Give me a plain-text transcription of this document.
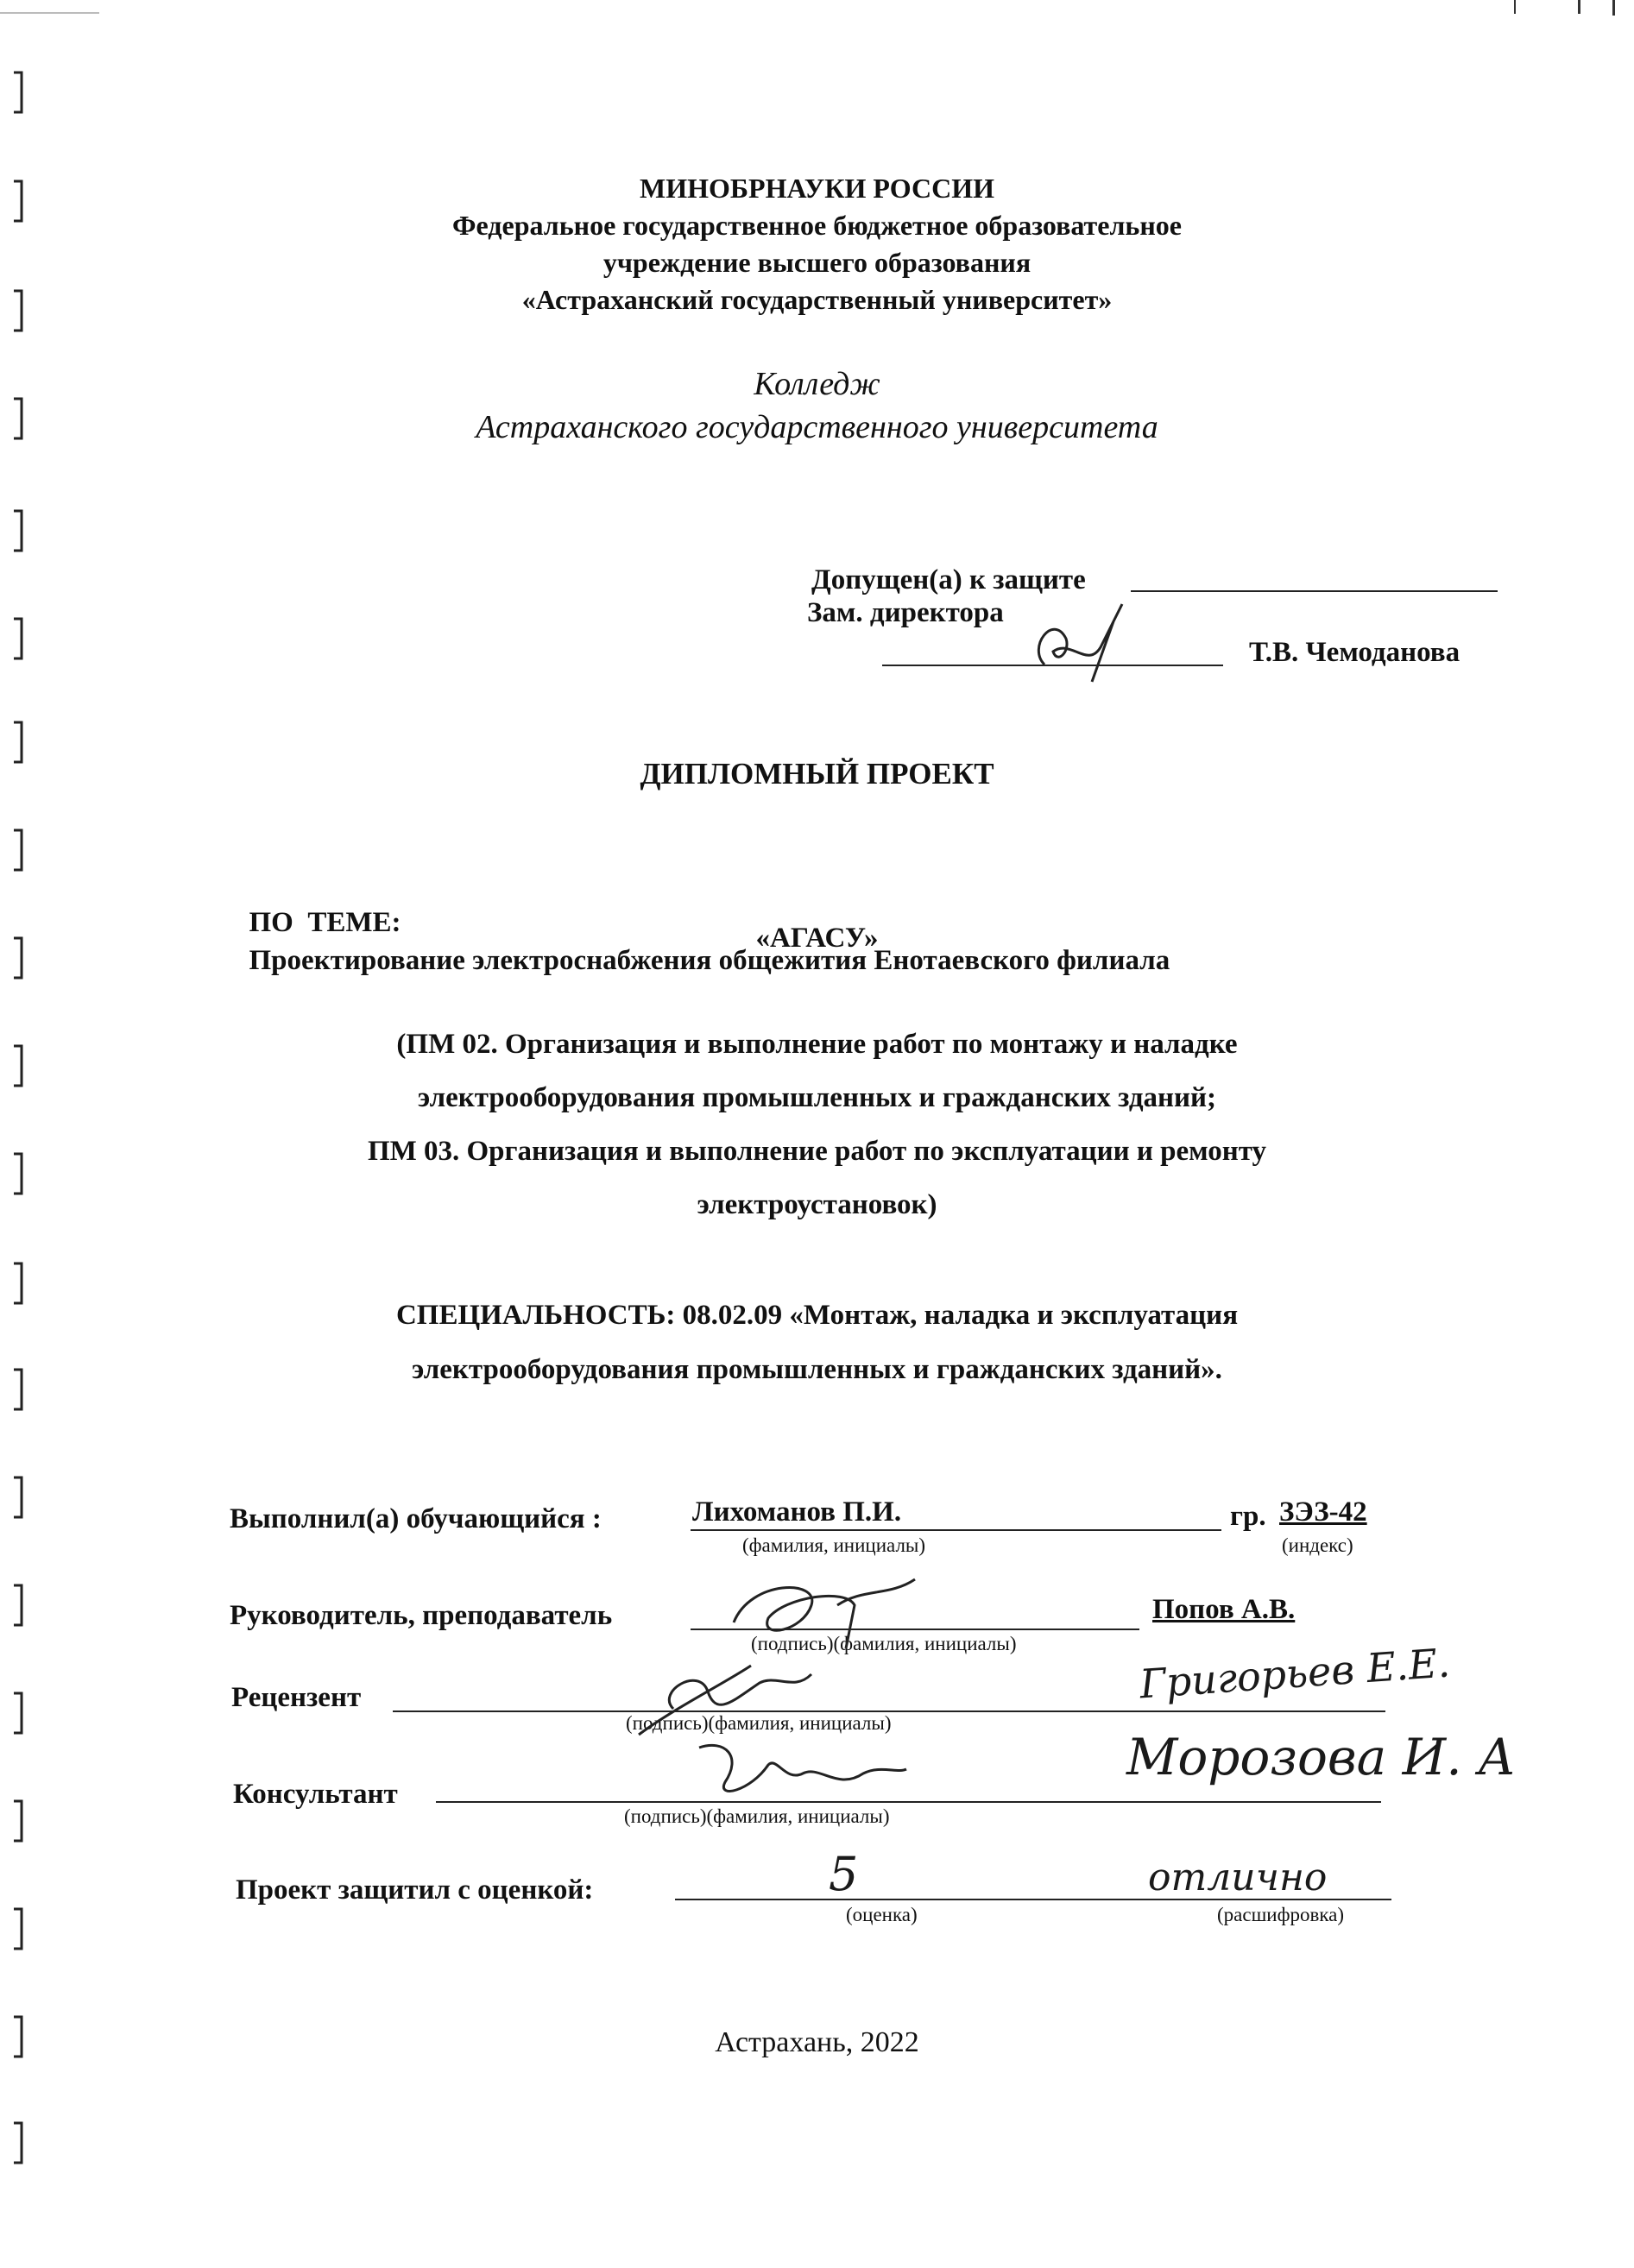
МИНОБРНАУКИ РОССИИ
Федеральное государственное бюджетное образовательное
учреждение высшего образования
«Астраханский государственный университет»
Колледж
Астраханского государственного университета
Допущен(а) к защите
Зам. директора
Т.В. Чемоданова
ДИПЛОМНЫЙ ПРОЕКТ

ПО  ТЕМЕ:
Проектирование электроснабжения общежития Енотаевского филиала

«АГАСУ»
(ПМ 02. Организация и выполнение работ по монтажу и наладке
электрооборудования промышленных и гражданских зданий;
ПМ 03. Организация и выполнение работ по эксплуатации и ремонту
электроустановок)
СПЕЦИАЛЬНОСТЬ: 08.02.09 «Монтаж, наладка и эксплуатация
электрооборудования промышленных и гражданских зданий».
Выполнил(а) обучающийся :	Лихоманов П.И.
(фамилия, инициалы)
гр. ЗЭЗ-42
(индекс)
Руководитель, преподаватель
(подпись)(фамилия, инициалы)
Попов А.В.
Рецензент
(подпись)(фамилия, инициалы)
Григорьев Е.Е.
Консультант
(подпись)(фамилия, инициалы)
Морозова И. А
Проект защитил с оценкой:	5
(оценка)
отлично
(расшифровка)
Астрахань, 2022
